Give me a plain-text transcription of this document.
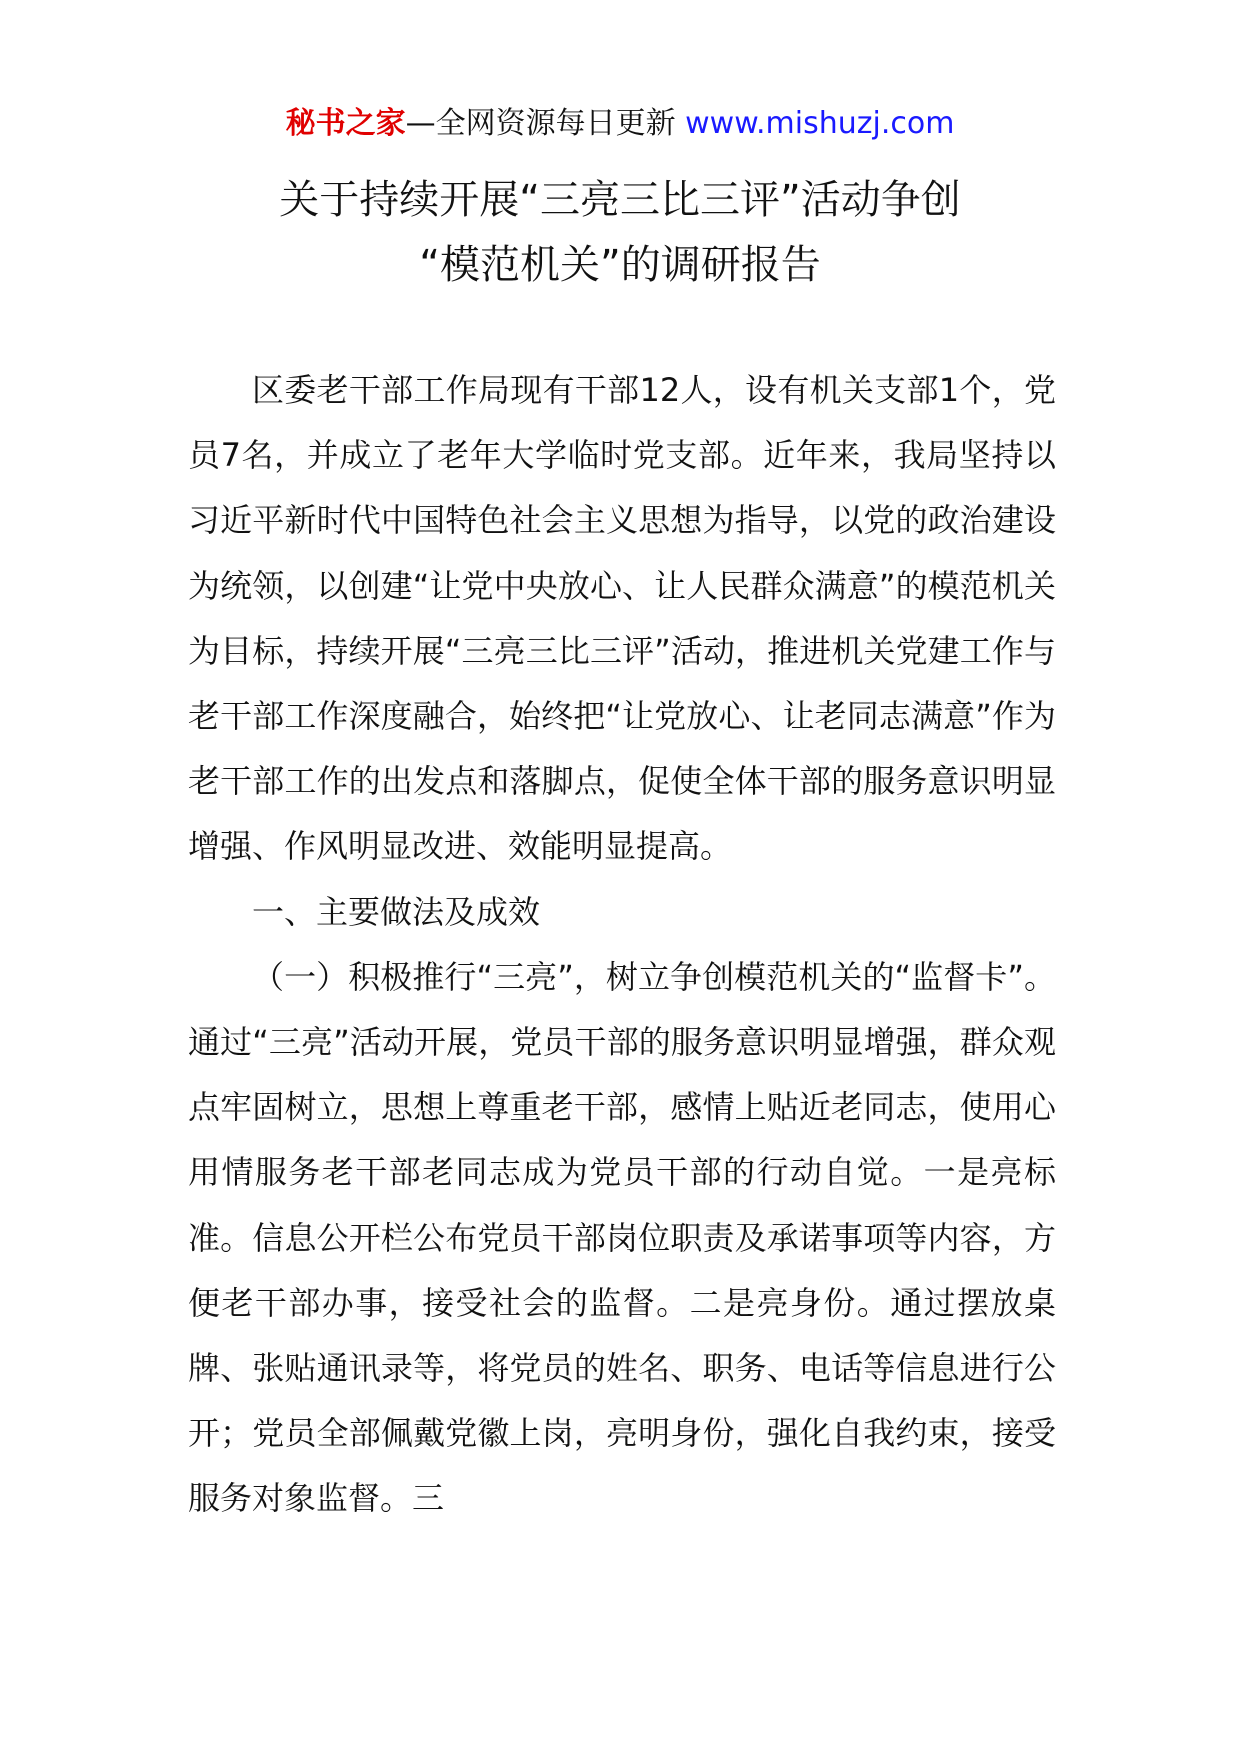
秘书之家—全网资源每日更新 www.mishuzj.com
关于持续开展“三亮三比三评”活动争创
“模范机关”的调研报告

区委老干部工作局现有干部12人，设有机关支部1个，党员7名，并成立了老年大学临时党支部。近年来，我局坚持以习近平新时代中国特色社会主义思想为指导，以党的政治建设为统领，以创建“让党中央放心、让人民群众满意”的模范机关为目标，持续开展“三亮三比三评”活动，推进机关党建工作与老干部工作深度融合，始终把“让党放心、让老同志满意”作为老干部工作的出发点和落脚点，促使全体干部的服务意识明显增强、作风明显改进、效能明显提高。

一、主要做法及成效

（一）积极推行“三亮”，树立争创模范机关的“监督卡”。通过“三亮”活动开展，党员干部的服务意识明显增强，群众观点牢固树立，思想上尊重老干部，感情上贴近老同志，使用心用情服务老干部老同志成为党员干部的行动自觉。一是亮标准。信息公开栏公布党员干部岗位职责及承诺事项等内容，方便老干部办事，接受社会的监督。二是亮身份。通过摆放桌牌、张贴通讯录等，将党员的姓名、职务、电话等信息进行公开；党员全部佩戴党徽上岗，亮明身份，强化自我约束，接受服务对象监督。三
